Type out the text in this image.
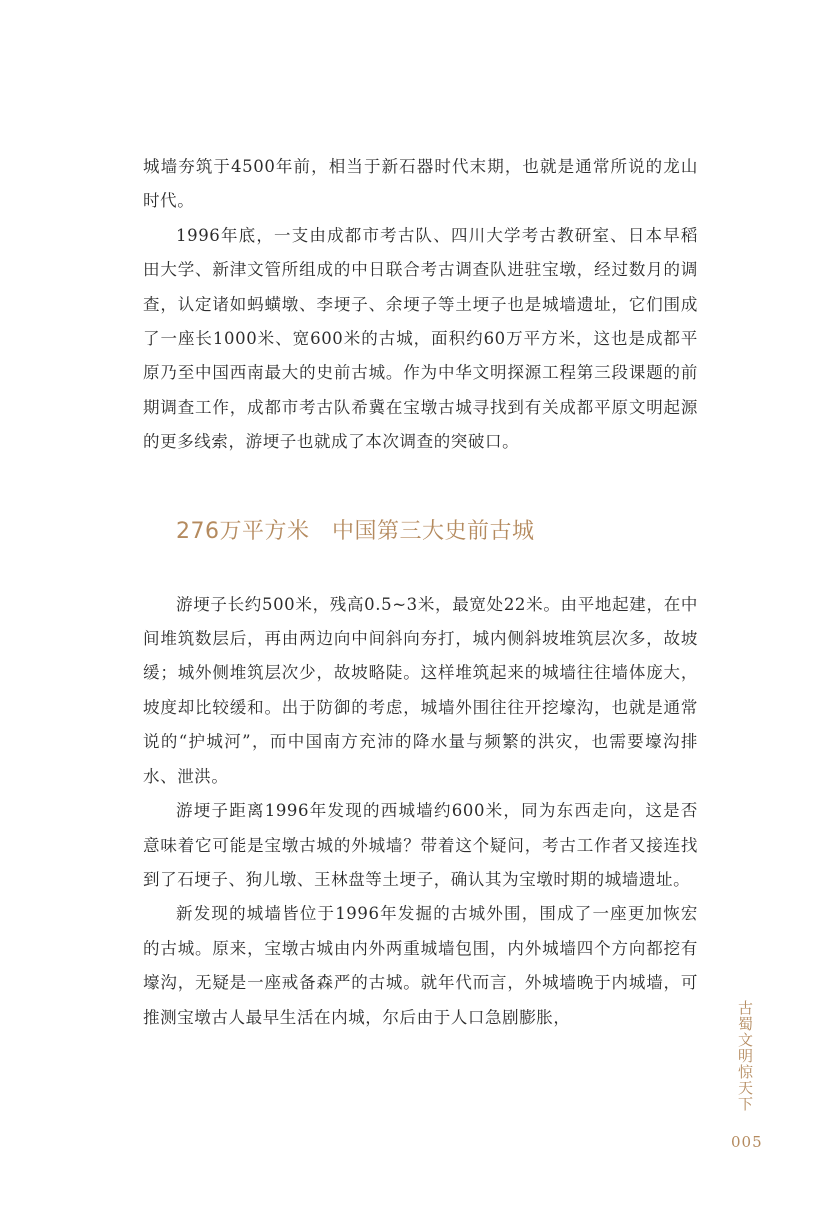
城墙夯筑于4500年前，相当于新石器时代末期，也就是通常所说的龙山时代。

1996年底，一支由成都市考古队、四川大学考古教研室、日本早稻田大学、新津文管所组成的中日联合考古调查队进驻宝墩，经过数月的调查，认定诸如蚂蟥墩、李埂子、余埂子等土埂子也是城墙遗址，它们围成了一座长1000米、宽600米的古城，面积约60万平方米，这也是成都平原乃至中国西南最大的史前古城。作为中华文明探源工程第三段课题的前期调查工作，成都市考古队希冀在宝墩古城寻找到有关成都平原文明起源的更多线索，游埂子也就成了本次调查的突破口。

276万平方米　中国第三大史前古城

游埂子长约500米，残高0.5~3米，最宽处22米。由平地起建，在中间堆筑数层后，再由两边向中间斜向夯打，城内侧斜坡堆筑层次多，故坡缓；城外侧堆筑层次少，故坡略陡。这样堆筑起来的城墙往往墙体庞大，坡度却比较缓和。出于防御的考虑，城墙外围往往开挖壕沟，也就是通常说的“护城河”，而中国南方充沛的降水量与频繁的洪灾，也需要壕沟排水、泄洪。

游埂子距离1996年发现的西城墙约600米，同为东西走向，这是否意味着它可能是宝墩古城的外城墙？带着这个疑问，考古工作者又接连找到了石埂子、狗儿墩、王林盘等土埂子，确认其为宝墩时期的城墙遗址。

新发现的城墙皆位于1996年发掘的古城外围，围成了一座更加恢宏的古城。原来，宝墩古城由内外两重城墙包围，内外城墙四个方向都挖有壕沟，无疑是一座戒备森严的古城。就年代而言，外城墙晚于内城墙，可推测宝墩古人最早生活在内城，尔后由于人口急剧膨胀，	古蜀文明惊天下
005
